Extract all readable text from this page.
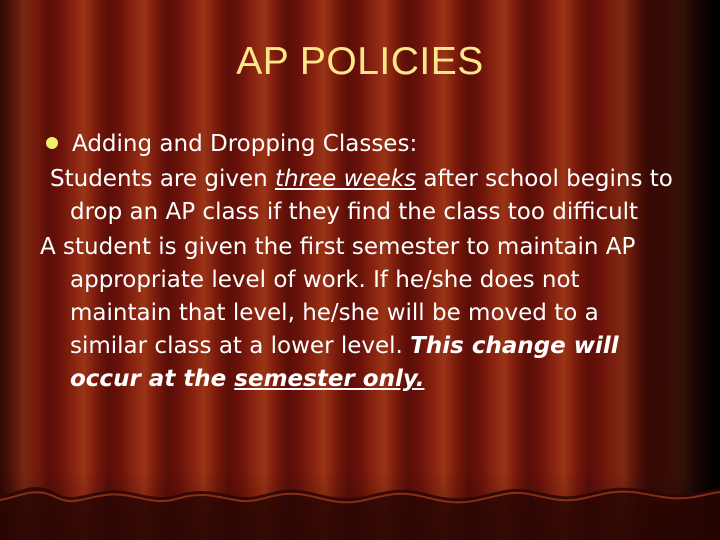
AP POLICIES
Adding and Dropping Classes:

Students are given three weeks after school begins to drop an AP class if they find the class too difficult

A student is given the first semester to maintain AP appropriate level of work. If he/she does not maintain that level, he/she will be moved to a similar class at a lower level. This change will occur at the semester only.
